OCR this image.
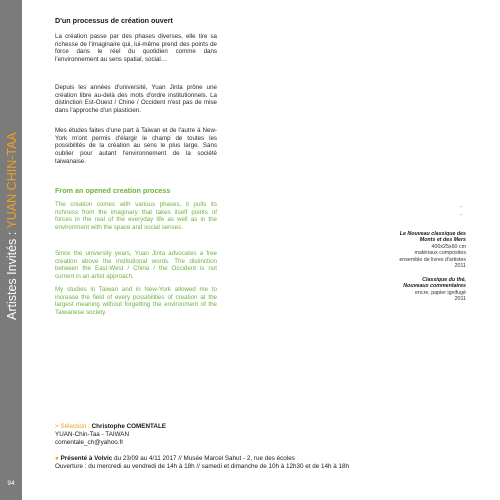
Artistes Invités : YUAN CHIN-TAA
94
D'un processus de création ouvert
La création passe par des phases diverses, elle tire sa richesse de l'imaginaire qui, lui-même prend des points de force dans le réel du quotidien comme dans l'environnement au sens spatial, social…
Depuis les années d'université, Yuan Jinta prône une création libre au-delà des mots d'ordre institutionnels. La distinction Est-Ouest / Chine / Occident n'est pas de mise dans l'approche d'un plasticien.
Mes études faites d'une part à Taiwan et de l'autre à New-York m'ont permis d'élargir le champ de toutes les possibilités de la création au sens le plus large. Sans oublier pour autant l'environnement de la société taiwanaise.
From an opened creation process
The creation comes with various phases, it pulls its richness from the imaginary that takes itself points of forces in the real of the everyday life as well as in the environment with the space and social senses.
Since the university years, Yuan Jinta advocates a free creation above the institutional words. The distinction between the East-West / China / the Occident is not current in an artist approach.
My studies in Taiwan and in New-York allowed me to increase the field of every possibilities of creation at the largest meaning without forgetting the environment of the Taiwanese society.
→
→
Le Nouveau classique des
Monts et des Mers
400x25x60 cm
matériaux composites
ensemble de livres d'artistes
2011
Classique du thé,
Nouveaux commentaires
encre, papier ignifugé
2011
> Sélection : Christophe COMENTALE
YUAN-Chin-Taa - TAIWAN
comentale_ch@yahoo.fr
● Présenté à Volvic du 23/09 au 4/11 2017 // Musée Marcel Sahut - 2, rue des écoles
Ouverture : du mercredi au vendredi de 14h à 18h // samedi et dimanche de 10h à 12h30 et de 14h à 18h
